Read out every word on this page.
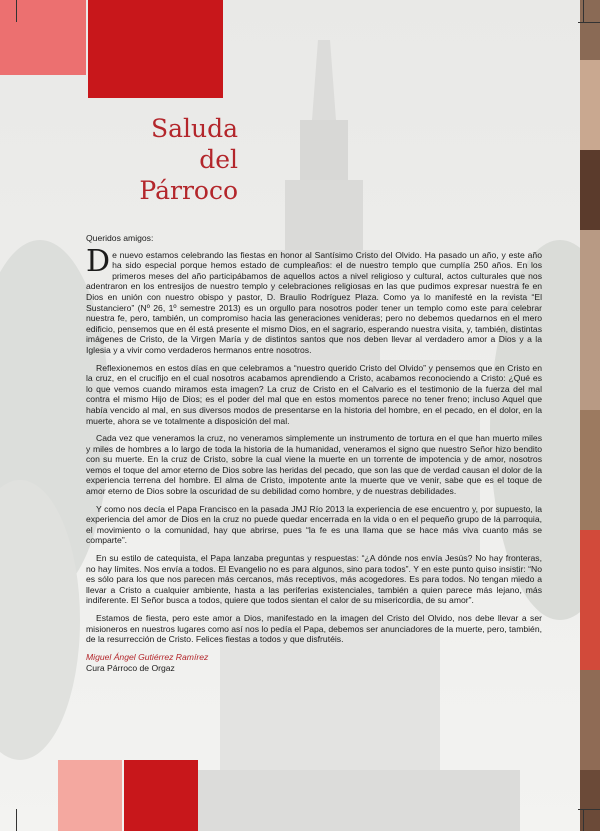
Saluda
del
Párroco
Queridos amigos:

De nuevo estamos celebrando las fiestas en honor al Santísimo Cristo del Olvido. Ha pasado un año, y este año ha sido especial porque hemos estado de cumpleaños: el de nuestro templo que cumplía 250 años. En los primeros meses del año participábamos de aquellos actos a nivel religioso y cultural, actos culturales que nos adentraron en los entresijos de nuestro templo y celebraciones religiosas en las que pudimos expresar nuestra fe en Dios en unión con nuestro obispo y pastor, D. Braulio Rodríguez Plaza. Como ya lo manifesté en la revista “El Sustanciero” (Nº 26, 1º semestre 2013) es un orgullo para nosotros poder tener un templo como este para celebrar nuestra fe, pero, también, un compromiso hacia las generaciones venideras; pero no debemos quedarnos en el mero edificio, pensemos que en él está presente el mismo Dios, en el sagrario, esperando nuestra visita, y, también, distintas imágenes de Cristo, de la Virgen María y de distintos santos que nos deben llevar al verdadero amor a Dios y a la Iglesia y a vivir como verdaderos hermanos entre nosotros.

Reflexionemos en estos días en que celebramos a “nuestro querido Cristo del Olvido” y pensemos que en Cristo en la cruz, en el crucifijo en el cual nosotros acabamos aprendiendo a Cristo, acabamos reconociendo a Cristo: ¿Qué es lo que vemos cuando miramos esta imagen? La cruz de Cristo en el Calvario es el testimonio de la fuerza del mal contra el mismo Hijo de Dios; es el poder del mal que en estos momentos parece no tener freno; incluso Aquel que había vencido al mal, en sus diversos modos de presentarse en la historia del hombre, en el pecado, en el dolor, en la muerte, ahora se ve totalmente a disposición del mal.

Cada vez que veneramos la cruz, no veneramos simplemente un instrumento de tortura en el que han muerto miles y miles de hombres a lo largo de toda la historia de la humanidad, veneramos el signo que nuestro Señor hizo bendito con su muerte. En la cruz de Cristo, sobre la cual viene la muerte en un torrente de impotencia y de amor, nosotros vemos el toque del amor eterno de Dios sobre las heridas del pecado, que son las que de verdad causan el dolor de la experiencia terrena del hombre. El alma de Cristo, impotente ante la muerte que ve venir, sabe que es el toque de amor eterno de Dios sobre la oscuridad de su debilidad como hombre, y de nuestras debilidades.

Y como nos decía el Papa Francisco en la pasada JMJ Río 2013 la experiencia de ese encuentro y, por supuesto, la experiencia del amor de Dios en la cruz no puede quedar encerrada en la vida o en el pequeño grupo de la parroquia, el movimiento o la comunidad, hay que abrirse, pues “la fe es una llama que se hace más viva cuanto más se comparte”.

En su estilo de catequista, el Papa lanzaba preguntas y respuestas: “¿A dónde nos envía Jesús? No hay fronteras, no hay límites. Nos envía a todos. El Evangelio no es para algunos, sino para todos”. Y en este punto quiso insistir: “No es sólo para los que nos parecen más cercanos, más receptivos, más acogedores. Es para todos. No tengan miedo a llevar a Cristo a cualquier ambiente, hasta a las periferias existenciales, también a quien parece más lejano, más indiferente. El Señor busca a todos, quiere que todos sientan el calor de su misericordia, de su amor”.

Estamos de fiesta, pero este amor a Dios, manifestado en la imagen del Cristo del Olvido, nos debe llevar a ser misioneros en nuestros lugares como así nos lo pedía el Papa, debemos ser anunciadores de la muerte, pero, también, de la resurrección de Cristo. Felices fiestas a todos y que disfrutéis.

Miguel Ángel Gutiérrez Ramírez
Cura Párroco de Orgaz
